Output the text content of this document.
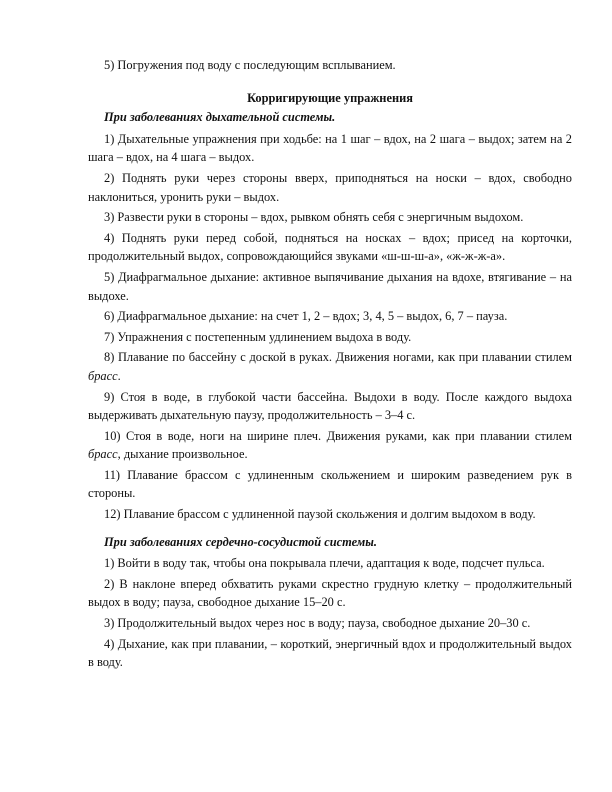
5) Погружения под воду с последующим всплыванием.

Корригирующие упражнения

При заболеваниях дыхательной системы.

1) Дыхательные упражнения при ходьбе: на 1 шаг – вдох, на 2 шага – выдох; затем на 2 шага – вдох, на 4 шага – выдох.

2) Поднять руки через стороны вверх, приподняться на носки – вдох, свободно наклониться, уронить руки – выдох.

3) Развести руки в стороны – вдох, рывком обнять себя с энергичным выдохом.

4) Поднять руки перед собой, подняться на носках – вдох; присед на корточки, продолжительный выдох, сопровождающийся звуками «ш-ш-ш-а», «ж-ж-ж-а».

5) Диафрагмальное дыхание: активное выпячивание дыхания на вдохе, втягивание – на выдохе.

6) Диафрагмальное дыхание: на счет 1, 2 – вдох; 3, 4, 5 – выдох, 6, 7 – пауза.

7) Упражнения с постепенным удлинением выдоха в воду.

8) Плавание по бассейну с доской в руках. Движения ногами, как при плавании стилем брасс.

9) Стоя в воде, в глубокой части бассейна. Выдохи в воду. После каждого выдоха выдерживать дыхательную паузу, продолжительность – 3–4 с.

10) Стоя в воде, ноги на ширине плеч. Движения руками, как при плавании стилем брасс, дыхание произвольное.

11) Плавание брассом с удлиненным скольжением и широким разведением рук в стороны.

12) Плавание брассом с удлиненной паузой скольжения и долгим выдохом в воду.

При заболеваниях сердечно-сосудистой системы.

1) Войти в воду так, чтобы она покрывала плечи, адаптация к воде, подсчет пульса.

2) В наклоне вперед обхватить руками скрестно грудную клетку – продолжительный выдох в воду; пауза, свободное дыхание 15–20 с.

3) Продолжительный выдох через нос в воду; пауза, свободное дыхание 20–30 с.

4) Дыхание, как при плавании, – короткий, энергичный вдох и продолжительный выдох в воду.
